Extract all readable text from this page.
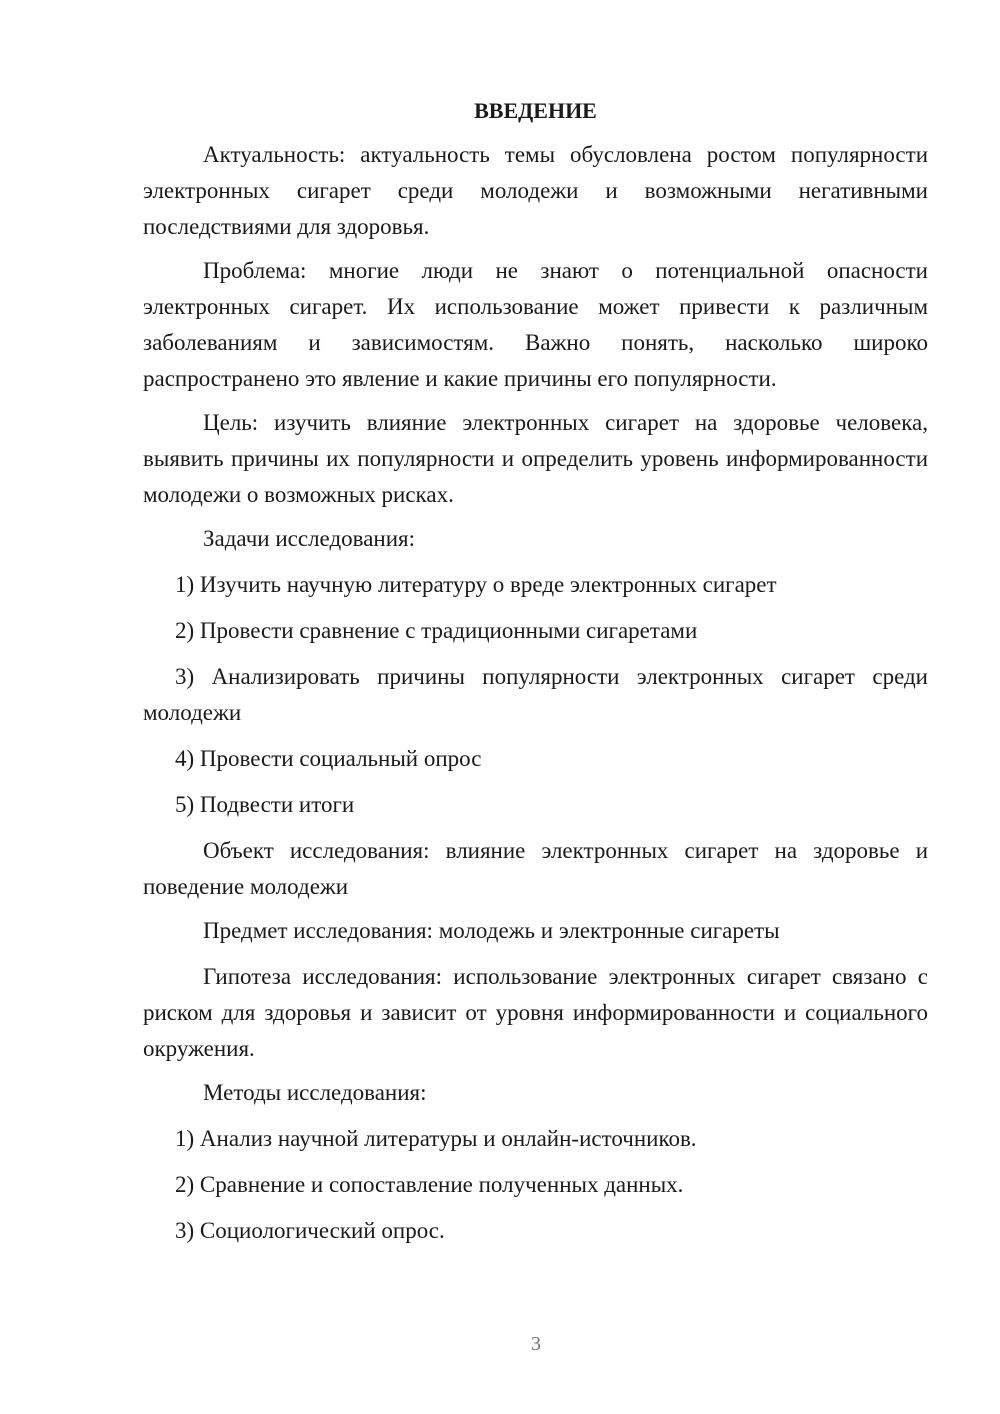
ВВЕДЕНИЕ

Актуальность: актуальность темы обусловлена ростом популярности электронных сигарет среди молодежи и возможными негативными последствиями для здоровья.

Проблема: многие люди не знают о потенциальной опасности электронных сигарет. Их использование может привести к различным заболеваниям и зависимостям. Важно понять, насколько широко распространено это явление и какие причины его популярности.

Цель: изучить влияние электронных сигарет на здоровье человека, выявить причины их популярности и определить уровень информированности молодежи о возможных рисках.

Задачи исследования:

1) Изучить научную литературу о вреде электронных сигарет

2) Провести сравнение с традиционными сигаретами

3) Анализировать причины популярности электронных сигарет среди молодежи

4) Провести социальный опрос

5) Подвести итоги

Объект исследования: влияние электронных сигарет на здоровье и поведение молодежи

Предмет исследования: молодежь и электронные сигареты

Гипотеза исследования: использование электронных сигарет связано с риском для здоровья и зависит от уровня информированности и социального окружения.

Методы исследования:

1) Анализ научной литературы и онлайн-источников.

2) Сравнение и сопоставление полученных данных.

3) Социологический опрос.

3
